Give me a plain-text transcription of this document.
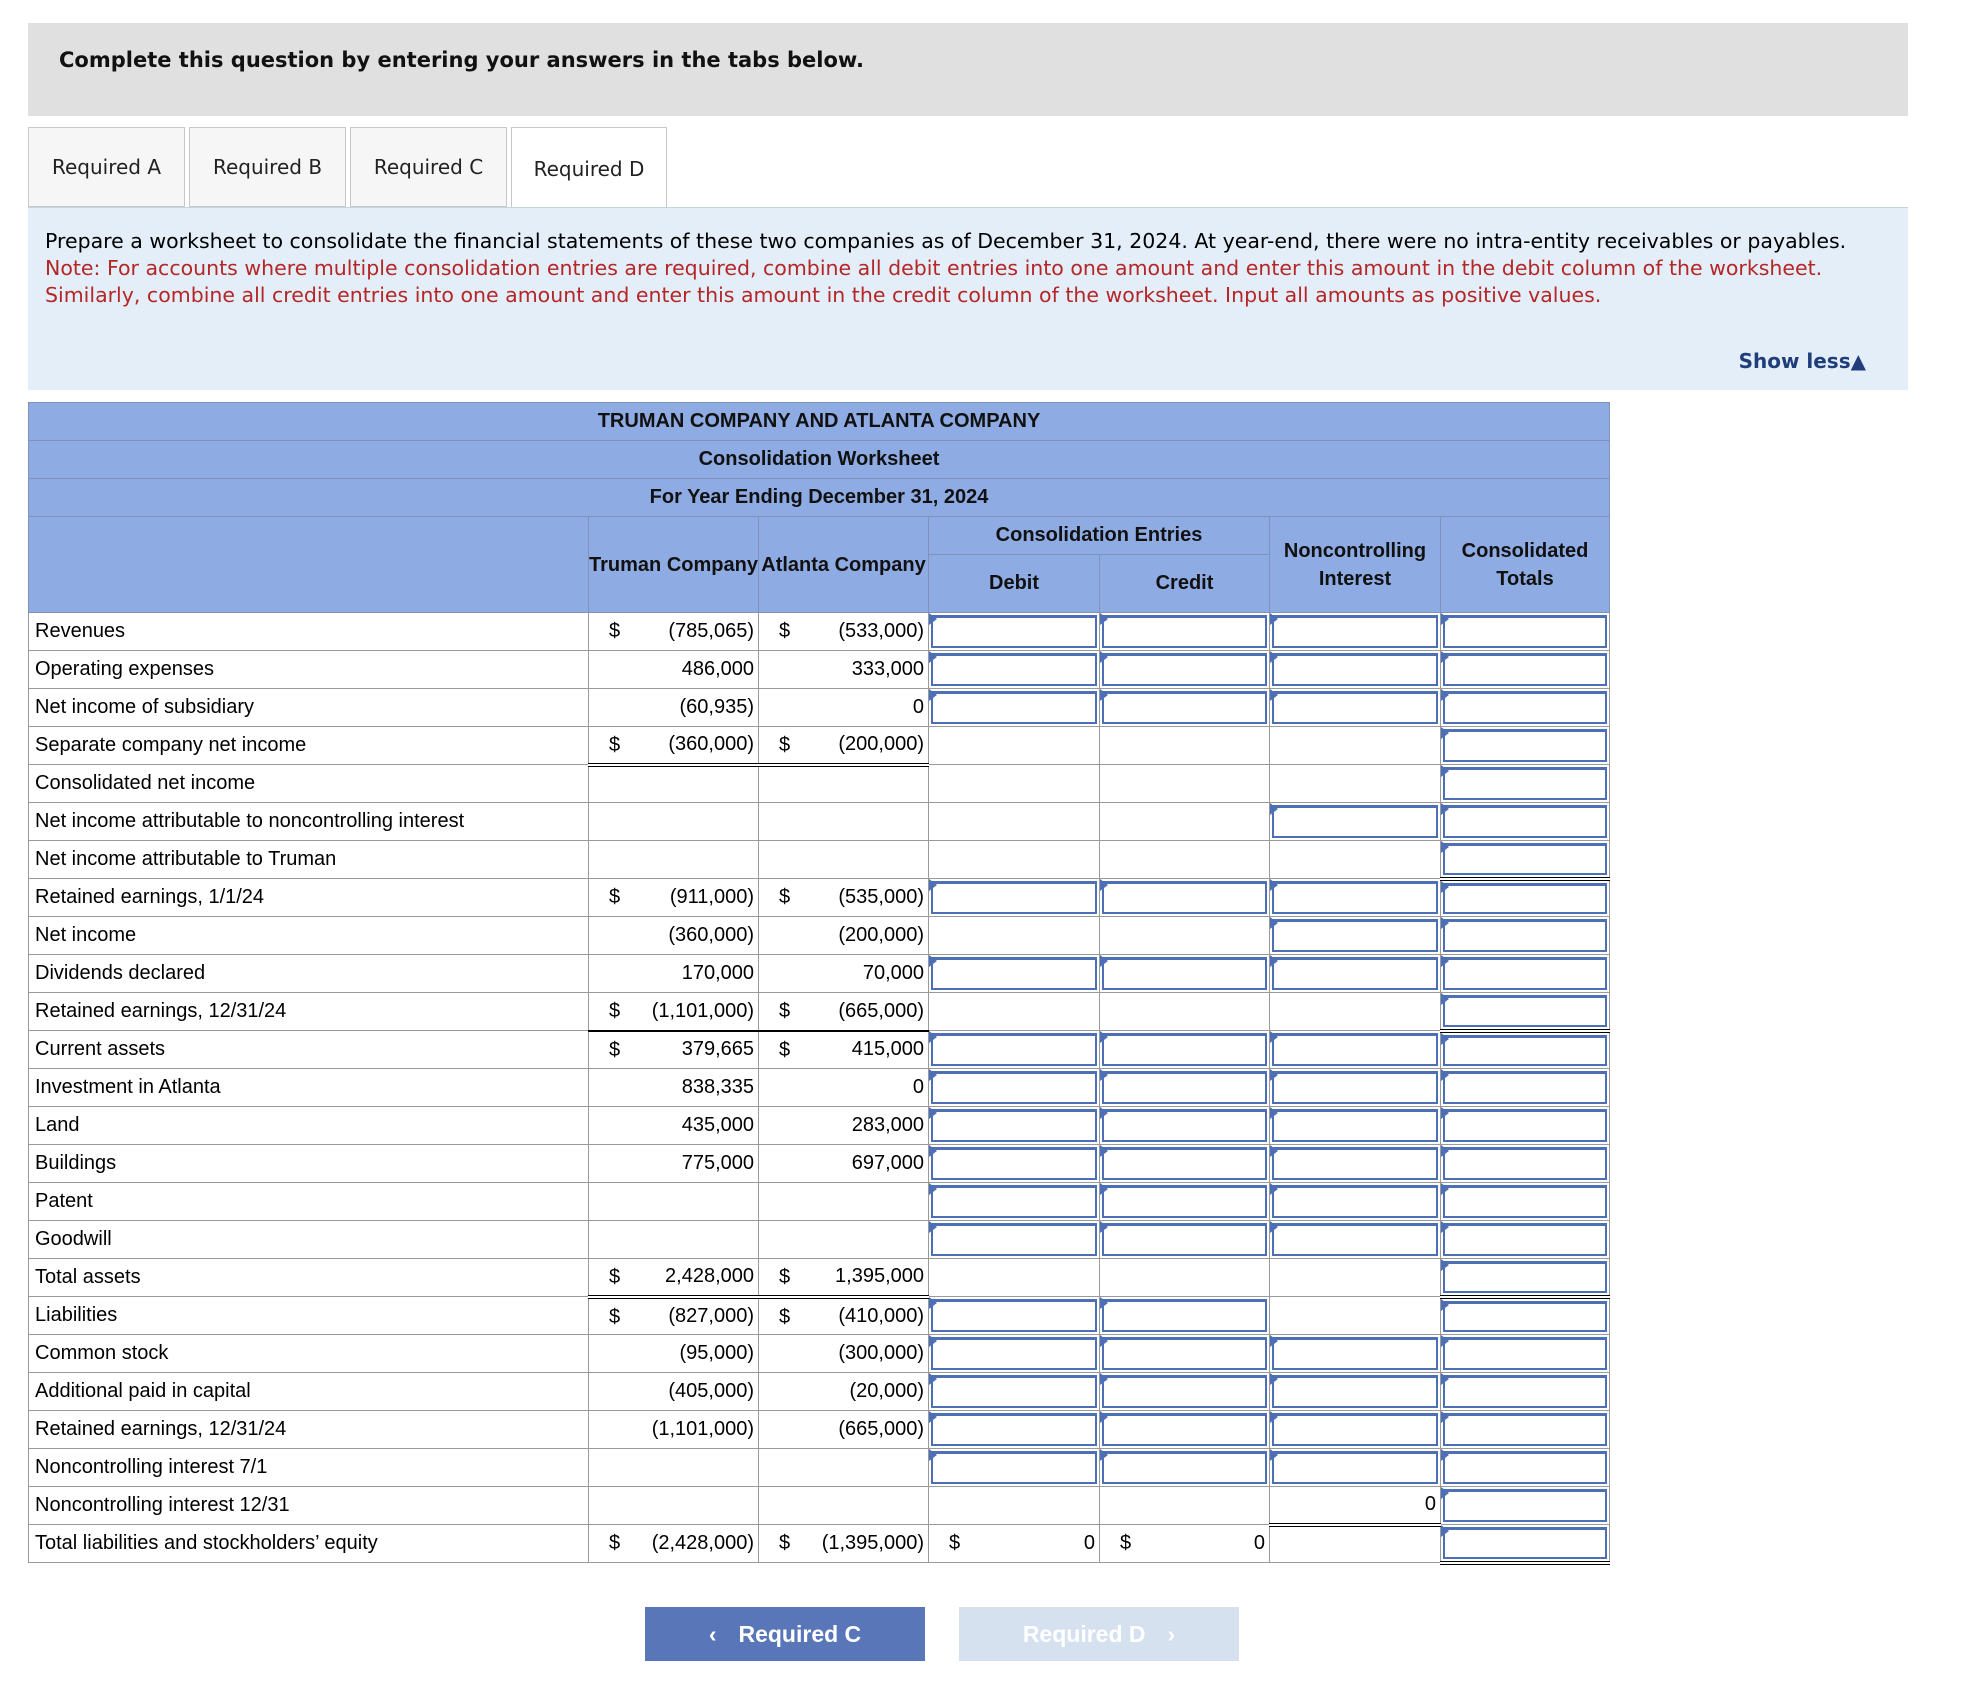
Complete this question by entering your answers in the tabs below.
Required A	Required B	Required C	Required D
Prepare a worksheet to consolidate the financial statements of these two companies as of December 31, 2024. At year-end, there were no intra-entity receivables or payables.
Note: For accounts where multiple consolidation entries are required, combine all debit entries into one amount and enter this amount in the debit column of the worksheet. Similarly, combine all credit entries into one amount and enter this amount in the credit column of the worksheet. Input all amounts as positive values.
Show less▲
TRUMAN COMPANY AND ATLANTA COMPANY						
Consolidation Worksheet						
For Year Ending December 31, 2024						
	Truman Company	Atlanta Company	Consolidation Entries		Noncontrolling Interest	Consolidated Totals
			Debit	Credit		
Revenues	$ (785,065)	$ (533,000)	

Operating expenses	486,000	333,000	

Net income of subsidiary	(60,935)	0	

Separate company net income	$ (360,000)	$ (200,000)				

Consolidated net income						

Net income attributable to noncontrolling interest					

Net income attributable to Truman						

Retained earnings, 1/1/24	$ (911,000)	$ (535,000)	

Net income	(360,000)	(200,000)			

Dividends declared	170,000	70,000	

Retained earnings, 12/31/24	$ (1,101,000)	$ (665,000)				

Current assets	$ 379,665	$ 415,000	

Investment in Atlanta	838,335	0	

Land	435,000	283,000	

Buildings	775,000	697,000	

Patent			

Goodwill			

Total assets	$ 2,428,000	$ 1,395,000				

Liabilities	$ (827,000)	$ (410,000)	

Common stock	(95,000)	(300,000)	

Additional paid in capital	(405,000)	(20,000)	

Retained earnings, 12/31/24	(1,101,000)	(665,000)	

Noncontrolling interest 7/1			

Noncontrolling interest 12/31					0	

Total liabilities and stockholders’ equity	$ (2,428,000)	$ (1,395,000)	$ 0	$ 0		
‹ Required C	Required D ›
